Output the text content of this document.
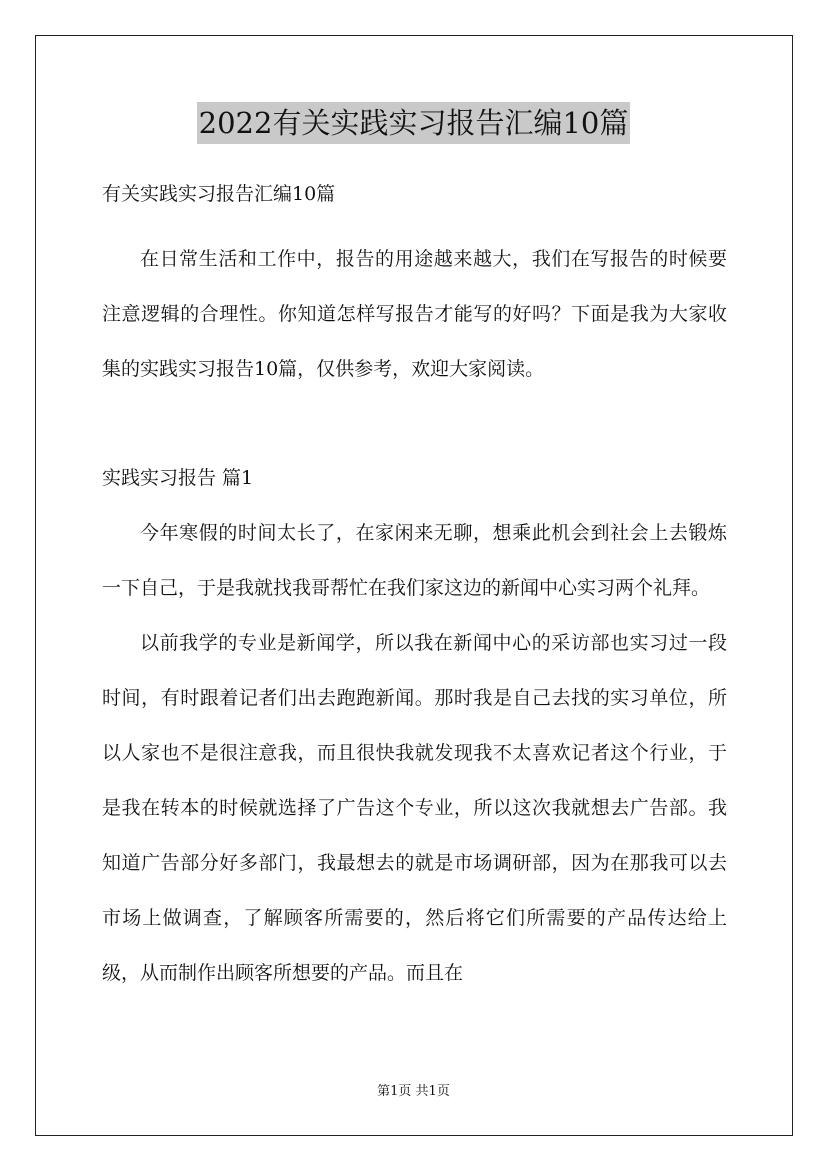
2022有关实践实习报告汇编10篇

有关实践实习报告汇编10篇

在日常生活和工作中，报告的用途越来越大，我们在写报告的时候要注意逻辑的合理性。你知道怎样写报告才能写的好吗？下面是我为大家收集的实践实习报告10篇，仅供参考，欢迎大家阅读。

实践实习报告 篇1

今年寒假的时间太长了，在家闲来无聊，想乘此机会到社会上去锻炼一下自己，于是我就找我哥帮忙在我们家这边的新闻中心实习两个礼拜。

以前我学的专业是新闻学，所以我在新闻中心的采访部也实习过一段时间，有时跟着记者们出去跑跑新闻。那时我是自己去找的实习单位，所以人家也不是很注意我，而且很快我就发现我不太喜欢记者这个行业，于是我在转本的时候就选择了广告这个专业，所以这次我就想去广告部。我知道广告部分好多部门，我最想去的就是市场调研部，因为在那我可以去市场上做调查，了解顾客所需要的，然后将它们所需要的产品传达给上级，从而制作出顾客所想要的产品。而且在

第1页 共1页
